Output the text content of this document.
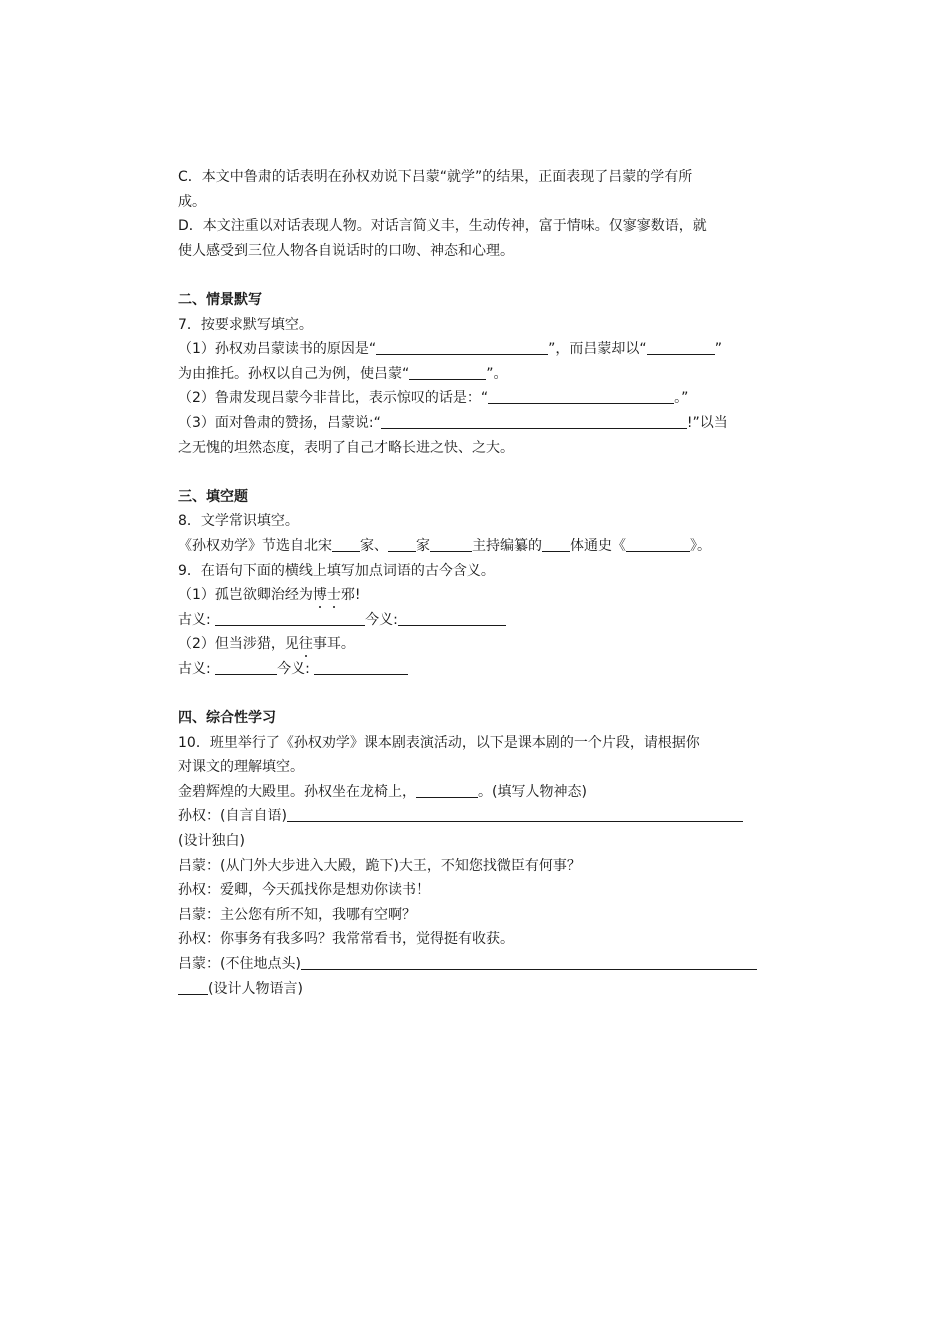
C．本文中鲁肃的话表明在孙权劝说下吕蒙“就学”的结果，正面表现了吕蒙的学有所
成。
D．本文注重以对话表现人物。对话言简义丰，生动传神，富于情味。仅寥寥数语，就
使人感受到三位人物各自说话时的口吻、神态和心理。
二、情景默写
7．按要求默写填空。
（1）孙权劝吕蒙读书的原因是“	”，而吕蒙却以“	”
为由推托。孙权以自己为例，使吕蒙“	”。
（2）鲁肃发现吕蒙今非昔比，表示惊叹的话是：“	。”
（3）面对鲁肃的赞扬，吕蒙说:“	!”以当
之无愧的坦然态度，表明了自己才略长进之快、之大。
三、填空题
8．文学常识填空。
《孙权劝学》节选自北宋 家、 家	主持编纂的 体通史《	》。
9．在语句下面的横线上填写加点词语的古今含义。
（1）孤岂欲卿治经为博士邪!
古义:	今义:
（2）但当涉猎，见往事耳。
古义:	今义:
四、综合性学习
10．班里举行了《孙权劝学》课本剧表演活动，以下是课本剧的一个片段，请根据你
对课文的理解填空。
金碧辉煌的大殿里。孙权坐在龙椅上，	。(填写人物神态)
孙权：(自言自语)
(设计独白)
吕蒙：(从门外大步进入大殿，跪下)大王，不知您找微臣有何事？
孙权：爱卿，今天孤找你是想劝你读书！
吕蒙：主公您有所不知，我哪有空啊？
孙权：你事务有我多吗？我常常看书，觉得挺有收获。
吕蒙：(不住地点头)
(设计人物语言)
